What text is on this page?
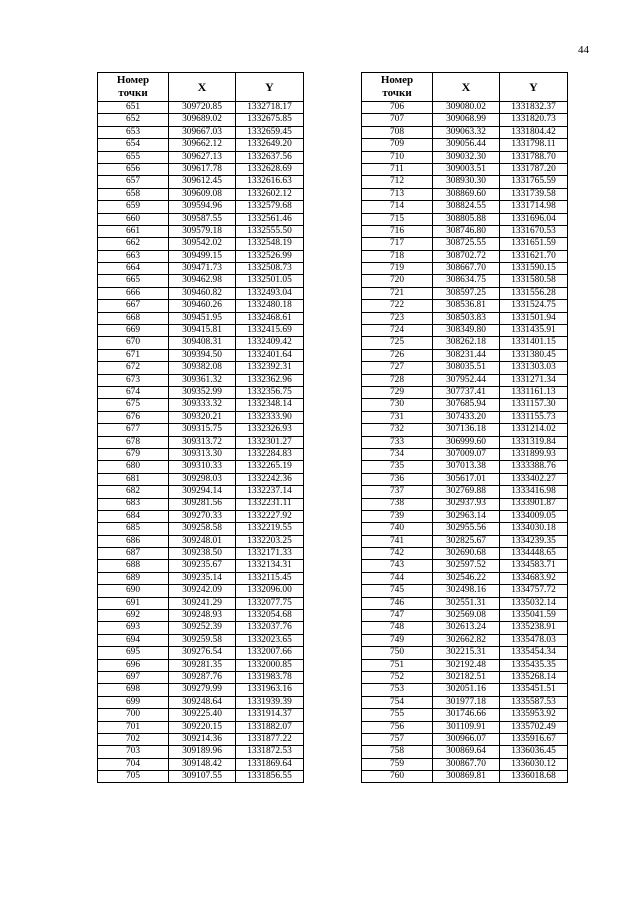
44
Номер
точки	X	Y
651	309720.85	1332718.17
652	309689.02	1332675.85
653	309667.03	1332659.45
654	309662.12	1332649.20
655	309627.13	1332637.56
656	309617.78	1332628.69
657	309612.45	1332616.63
658	309609.08	1332602.12
659	309594.96	1332579.68
660	309587.55	1332561.46
661	309579.18	1332555.50
662	309542.02	1332548.19
663	309499.15	1332526.99
664	309471.73	1332508.73
665	309462.98	1332501.05
666	309460.82	1332493.04
667	309460.26	1332480.18
668	309451.95	1332468.61
669	309415.81	1332415.69
670	309408.31	1332409.42
671	309394.50	1332401.64
672	309382.08	1332392.31
673	309361.32	1332362.96
674	309352.99	1332356.75
675	309333.32	1332348.14
676	309320.21	1332333.90
677	309315.75	1332326.93
678	309313.72	1332301.27
679	309313.30	1332284.83
680	309310.33	1332265.19
681	309298.03	1332242.36
682	309294.14	1332237.14
683	309281.56	1332231.11
684	309270.33	1332227.92
685	309258.58	1332219.55
686	309248.01	1332203.25
687	309238.50	1332171.33
688	309235.67	1332134.31
689	309235.14	1332115.45
690	309242.09	1332096.00
691	309241.29	1332077.75
692	309248.93	1332054.68
693	309252.39	1332037.76
694	309259.58	1332023.65
695	309276.54	1332007.66
696	309281.35	1332000.85
697	309287.76	1331983.78
698	309279.99	1331963.16
699	309248.64	1331939.39
700	309225.40	1331914.37
701	309220.15	1331882.07
702	309214.36	1331877.22
703	309189.96	1331872.53
704	309148.42	1331869.64
705	309107.55	1331856.55
Номер
точки	X	Y
706	309080.02	1331832.37
707	309068.99	1331820.73
708	309063.32	1331804.42
709	309056.44	1331798.11
710	309032.30	1331788.70
711	309003.51	1331787.20
712	308930.30	1331765.59
713	308869.60	1331739.58
714	308824.55	1331714.98
715	308805.88	1331696.04
716	308746.80	1331670.53
717	308725.55	1331651.59
718	308702.72	1331621.70
719	308667.70	1331590.15
720	308634.75	1331580.58
721	308597.25	1331556.28
722	308536.81	1331524.75
723	308503.83	1331501.94
724	308349.80	1331435.91
725	308262.18	1331401.15
726	308231.44	1331380.45
727	308035.51	1331303.03
728	307952.44	1331271.34
729	307737.41	1331161.13
730	307685.94	1331157.30
731	307433.20	1331155.73
732	307136.18	1331214.02
733	306999.60	1331319.84
734	307009.07	1331899.93
735	307013.38	1333388.76
736	305617.01	1333402.27
737	302769.88	1333416.98
738	302937.93	1333901.87
739	302963.14	1334009.05
740	302955.56	1334030.18
741	302825.67	1334239.35
742	302690.68	1334448.65
743	302597.52	1334583.71
744	302546.22	1334683.92
745	302498.16	1334757.72
746	302551.31	1335032.14
747	302569.08	1335041.59
748	302613.24	1335238.91
749	302662.82	1335478.03
750	302215.31	1335454.34
751	302192.48	1335435.35
752	302182.51	1335268.14
753	302051.16	1335451.51
754	301977.18	1335587.53
755	301746.66	1335953.92
756	301109.91	1335702.49
757	300966.07	1335916.67
758	300869.64	1336036.45
759	300867.70	1336030.12
760	300869.81	1336018.68
